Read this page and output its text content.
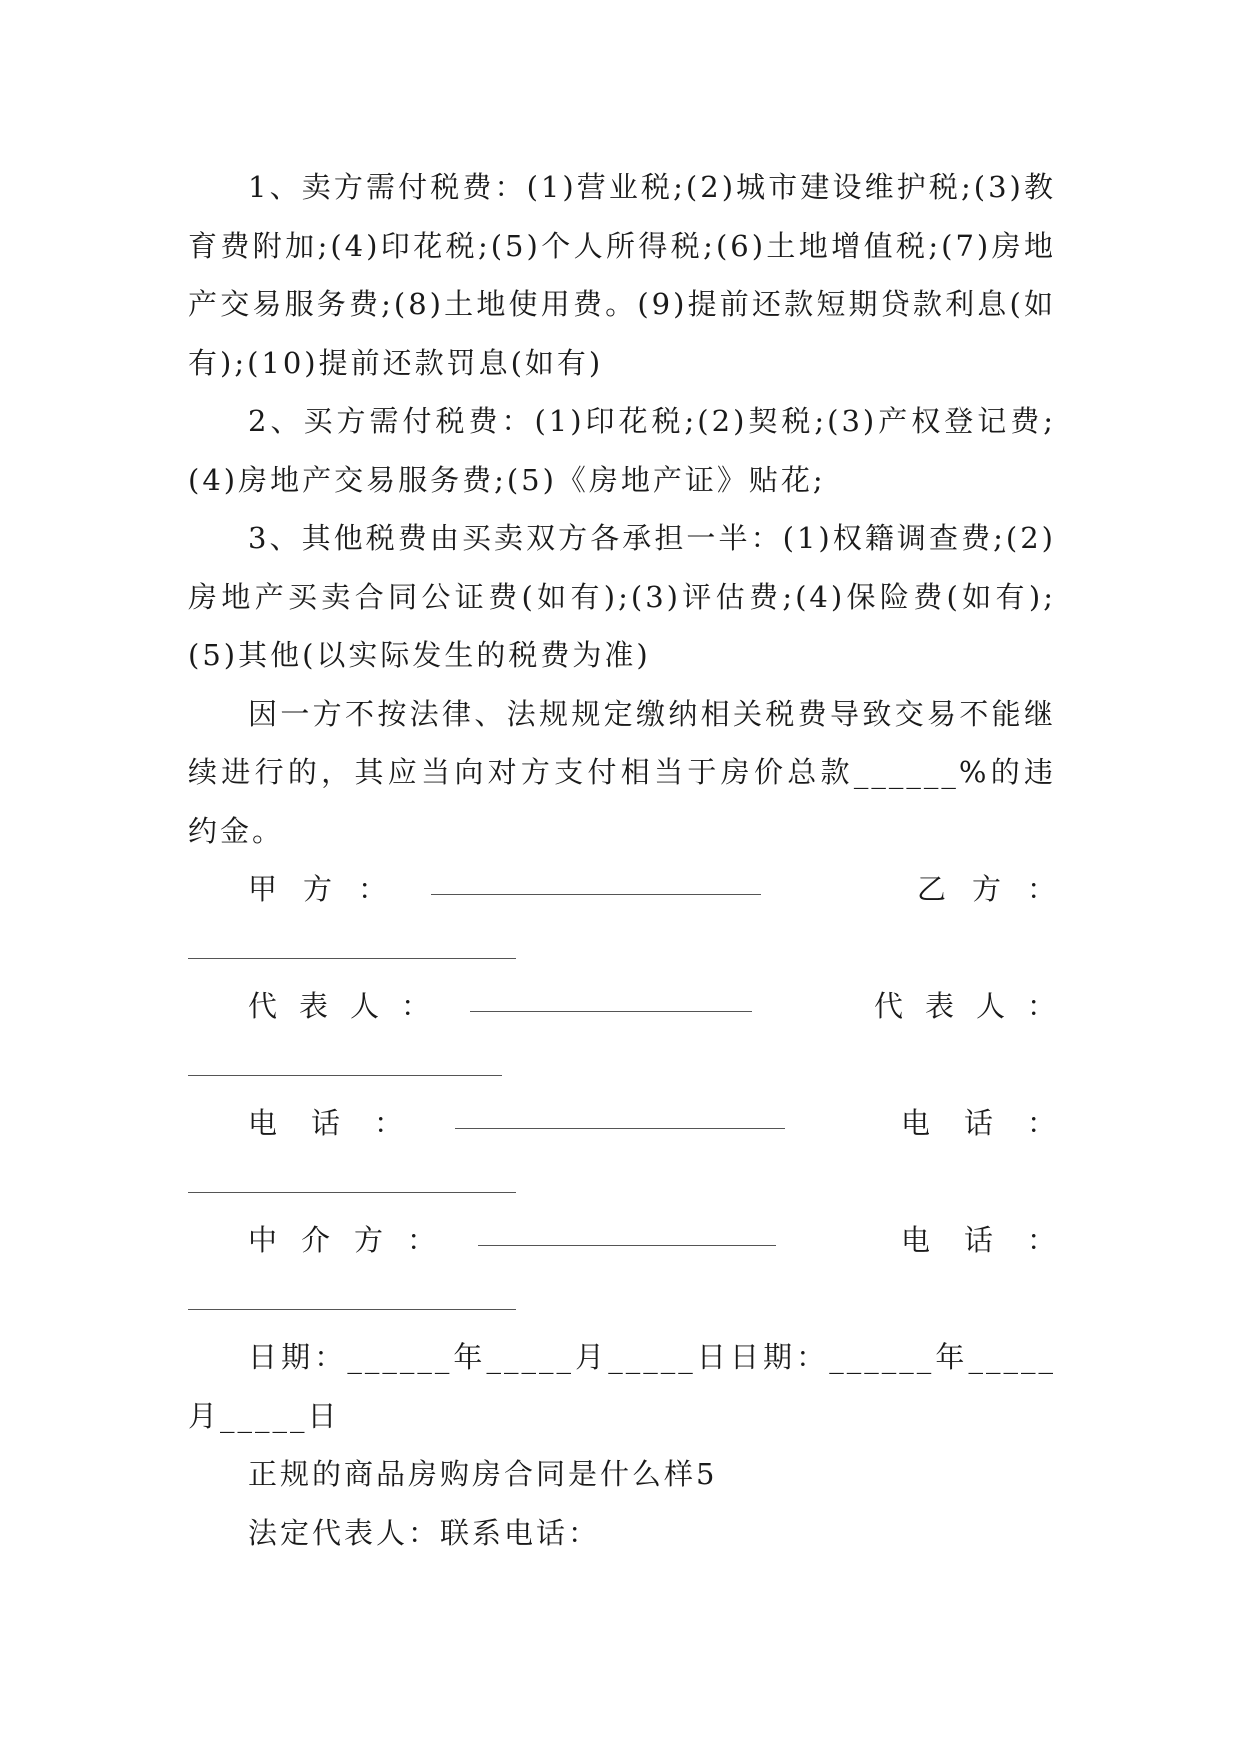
1、卖方需付税费：(1)营业税;(2)城市建设维护税;(3)教育费附加;(4)印花税;(5)个人所得税;(6)土地增值税;(7)房地产交易服务费;(8)土地使用费。(9)提前还款短期贷款利息(如有);(10)提前还款罚息(如有)

2、买方需付税费：(1)印花税;(2)契税;(3)产权登记费;(4)房地产交易服务费;(5)《房地产证》贴花;

3、其他税费由买卖双方各承担一半：(1)权籍调查费;(2)房地产买卖合同公证费(如有);(3)评估费;(4)保险费(如有);(5)其他(以实际发生的税费为准)

因一方不按法律、法规规定缴纳相关税费导致交易不能继续进行的，其应当向对方支付相当于房价总款______%的违约金。

甲方：	乙方：
代表人：	代表人：
电话：	电话：
中介方：	电话：

日期：______年_____月_____日日期：______年_____月_____日

正规的商品房购房合同是什么样5

法定代表人：联系电话：
